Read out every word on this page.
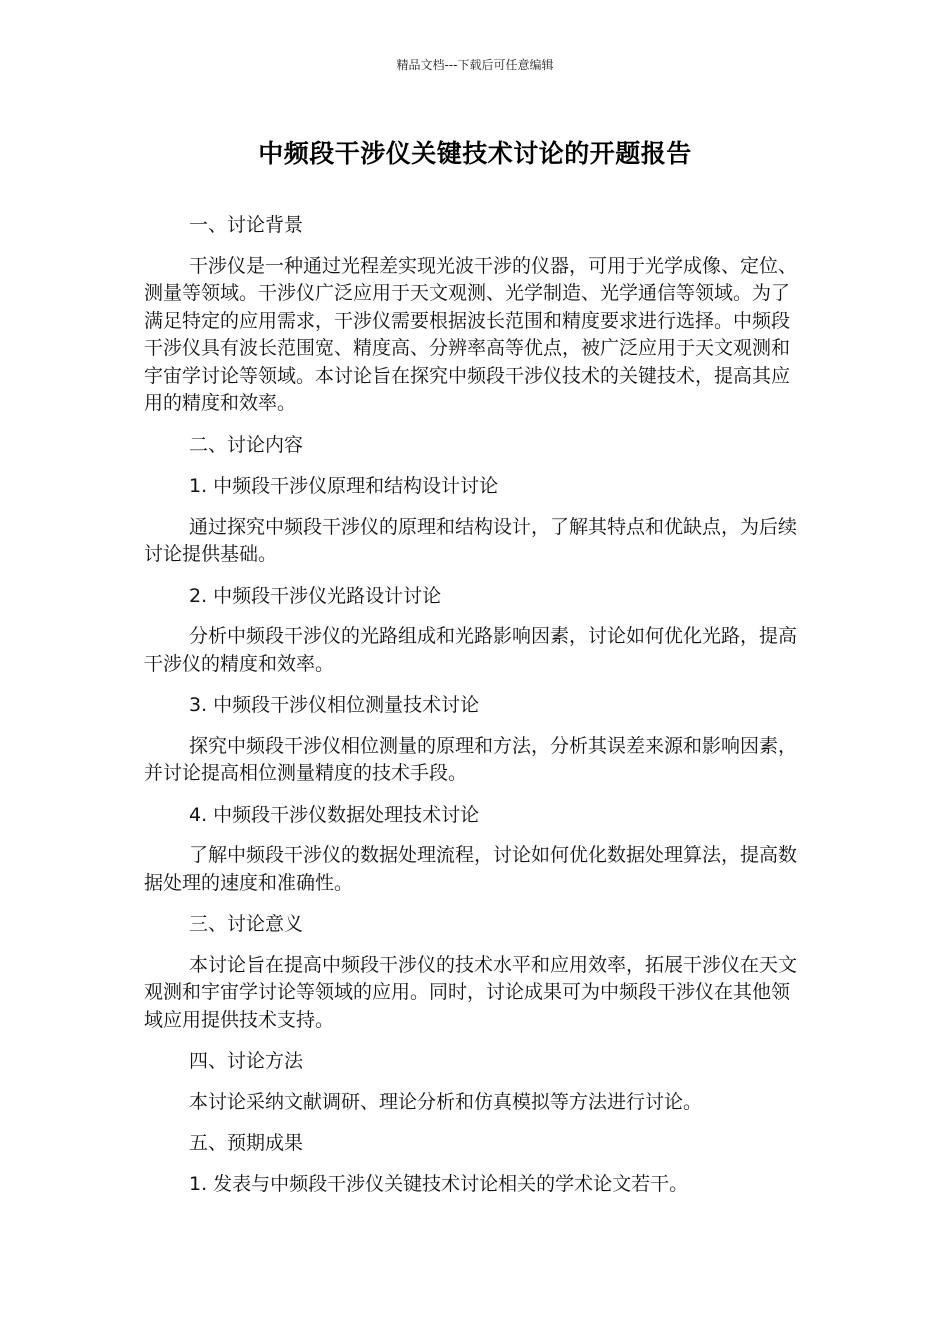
精品文档---下载后可任意编辑
中频段干涉仪关键技术讨论的开题报告

一、讨论背景

干涉仪是一种通过光程差实现光波干涉的仪器，可用于光学成像、定位、测量等领域。干涉仪广泛应用于天文观测、光学制造、光学通信等领域。为了满足特定的应用需求，干涉仪需要根据波长范围和精度要求进行选择。中频段干涉仪具有波长范围宽、精度高、分辨率高等优点，被广泛应用于天文观测和宇宙学讨论等领域。本讨论旨在探究中频段干涉仪技术的关键技术，提高其应用的精度和效率。

二、讨论内容

1. 中频段干涉仪原理和结构设计讨论

通过探究中频段干涉仪的原理和结构设计，了解其特点和优缺点，为后续讨论提供基础。

2. 中频段干涉仪光路设计讨论

分析中频段干涉仪的光路组成和光路影响因素，讨论如何优化光路，提高干涉仪的精度和效率。

3. 中频段干涉仪相位测量技术讨论

探究中频段干涉仪相位测量的原理和方法，分析其误差来源和影响因素，并讨论提高相位测量精度的技术手段。

4. 中频段干涉仪数据处理技术讨论

了解中频段干涉仪的数据处理流程，讨论如何优化数据处理算法，提高数据处理的速度和准确性。

三、讨论意义

本讨论旨在提高中频段干涉仪的技术水平和应用效率，拓展干涉仪在天文观测和宇宙学讨论等领域的应用。同时，讨论成果可为中频段干涉仪在其他领域应用提供技术支持。

四、讨论方法

本讨论采纳文献调研、理论分析和仿真模拟等方法进行讨论。

五、预期成果

1. 发表与中频段干涉仪关键技术讨论相关的学术论文若干。
